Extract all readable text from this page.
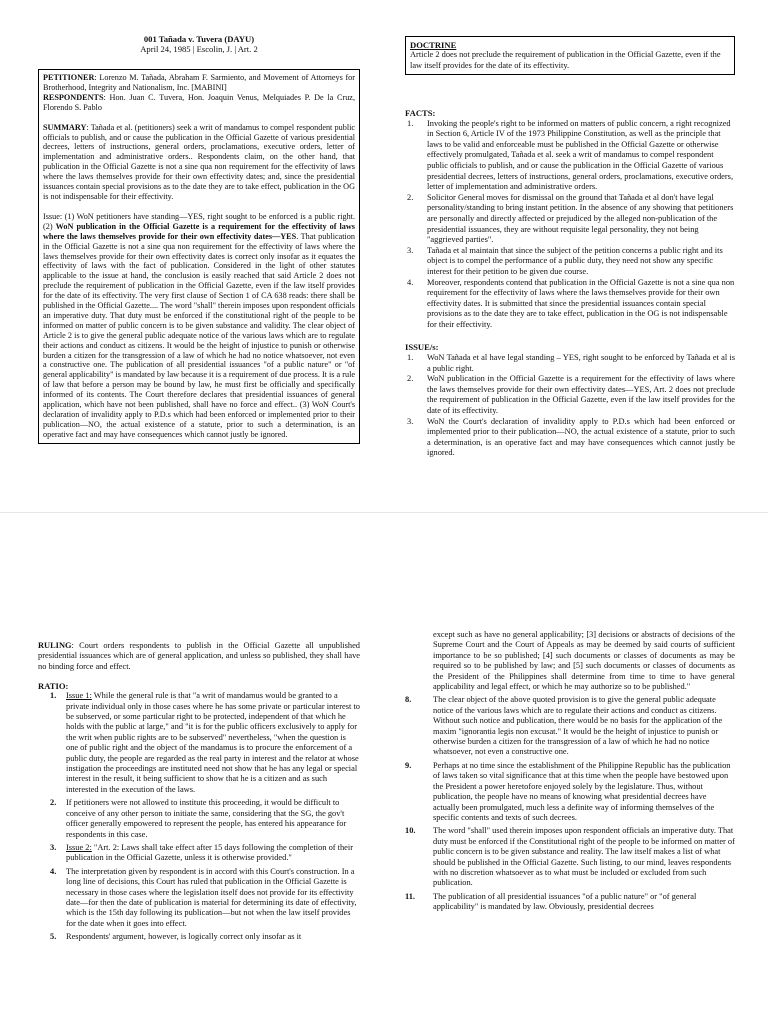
001 Tañada v. Tuvera (DAYU)

April 24, 1985 | Escolin, J. | Art. 2

PETITIONER: Lorenzo M. Tañada, Abraham F. Sarmiento, and Movement of Attorneys for Brotherhood, Integrity and Nationalism, Inc. [MABINI]

RESPONDENTS: Hon. Juan C. Tuvera, Hon. Joaquin Venus, Melquiades P. De la Cruz, Florendo S. Pablo

SUMMARY: Tañada et al. (petitioners) seek a writ of mandamus to compel respondent public officials to publish, and or cause the publication in the Official Gazette of various presidential decrees, letters of instructions, general orders, proclamations, executive orders, letter of implementation and administrative orders.. Respondents claim, on the other hand, that publication in the Official Gazette is not a sine qua non requirement for the effectivity of laws where the laws themselves provide for their own effectivity dates; and, since the presidential issuances contain special provisions as to the date they are to take effect, publication in the OG is not indispensable for their effectivity.

Issue: (1) WoN petitioners have standing—YES, right sought to be enforced is a public right. (2) WoN publication in the Official Gazette is a requirement for the effectivity of laws where the laws themselves provide for their own effectivity dates—YES. That publication in the Official Gazette is not a sine qua non requirement for the effectivity of laws where the laws themselves provide for their own effectivity dates is correct only insofar as it equates the effectivity of laws with the fact of publication. Considered in the light of other statutes applicable to the issue at hand, the conclusion is easily reached that said Article 2 does not preclude the requirement of publication in the Official Gazette, even if the law itself provides for the date of its effectivity. The very first clause of Section 1 of CA 638 reads: there shall be published in the Official Gazette.... The word "shall" therein imposes upon respondent officials an imperative duty. That duty must be enforced if the constitutional right of the people to be informed on matter of public concern is to be given substance and validity. The clear object of Article 2 is to give the general public adequate notice of the various laws which are to regulate their actions and conduct as citizens. It would be the height of injustice to punish or otherwise burden a citizen for the transgression of a law of which he had no notice whatsoever, not even a constructive one. The publication of all presidential issuances "of a public nature" or "of general applicability" is mandated by law because it is a requirement of due process. It is a rule of law that before a person may be bound by law, he must first be officially and specifically informed of its contents. The Court therefore declares that presidential issuances of general application, which have not been published, shall have no force and effect.. (3) WoN Court's declaration of invalidity apply to P.D.s which had been enforced or implemented prior to their publication—NO, the actual existence of a statute, prior to such a determination, is an operative fact and may have consequences which cannot justly be ignored.

DOCTRINE

Article 2 does not preclude the requirement of publication in the Official Gazette, even if the law itself provides for the date of its effectivity.

FACTS:

1. Invoking the people's right to be informed on matters of public concern, a right recognized in Section 6, Article IV of the 1973 Philippine Constitution, as well as the principle that laws to be valid and enforceable must be published in the Official Gazette or otherwise effectively promulgated, Tañada et al. seek a writ of mandamus to compel respondent public officials to publish, and or cause the publication in the Official Gazette of various presidential decrees, letters of instructions, general orders, proclamations, executive orders, letter of implementation and administrative orders.
2. Solicitor General moves for dismissal on the ground that Tañada et al don't have legal personality/standing to bring instant petition. In the absence of any showing that petitioners are personally and directly affected or prejudiced by the alleged non-publication of the presidential issuances, they are without requisite legal personality, they not being "aggrieved parties".
3. Tañada et al maintain that since the subject of the petition concerns a public right and its object is to compel the performance of a public duty, they need not show any specific interest for their petition to be given due course.
4. Moreover, respondents contend that publication in the Official Gazette is not a sine qua non requirement for the effectivity of laws where the laws themselves provide for their own effectivity dates. It is submitted that since the presidential issuances contain special provisions as to the date they are to take effect, publication in the OG is not indispensable for their effectivity.

ISSUE/s:

1. WoN Tañada et al have legal standing – YES, right sought to be enforced by Tañada et al is a public right.
2. WoN publication in the Official Gazette is a requirement for the effectivity of laws where the laws themselves provide for their own effectivity dates—YES, Art. 2 does not preclude the requirement of publication in the Official Gazette, even if the law itself provides for the date of its effectivity.
3. WoN the Court's declaration of invalidity apply to P.D.s which had been enforced or implemented prior to their publication—NO, the actual existence of a statute, prior to such a determination, is an operative fact and may have consequences which cannot justly be ignored.

RULING: Court orders respondents to publish in the Official Gazette all unpublished presidential issuances which are of general application, and unless so published, they shall have no binding force and effect.

RATIO:

1. Issue 1: While the general rule is that "a writ of mandamus would be granted to a private individual only in those cases where he has some private or particular interest to be subserved, or some particular right to be protected, independent of that which he holds with the public at large," and "it is for the public officers exclusively to apply for the writ when public rights are to be subserved" nevertheless, "when the question is one of public right and the object of the mandamus is to procure the enforcement of a public duty, the people are regarded as the real party in interest and the relator at whose instigation the proceedings are instituted need not show that he has any legal or special interest in the result, it being sufficient to show that he is a citizen and as such interested in the execution of the laws.
2. If petitioners were not allowed to institute this proceeding, it would be difficult to conceive of any other person to initiate the same, considering that the SG, the gov't officer generally empowered to represent the people, has entered his appearance for respondents in this case.
3. Issue 2: "Art. 2: Laws shall take effect after 15 days following the completion of their publication in the Official Gazette, unless it is otherwise provided."
4. The interpretation given by respondent is in accord with this Court's construction. In a long line of decisions, this Court has ruled that publication in the Official Gazette is necessary in those cases where the legislation itself does not provide for its effectivity date—for then the date of publication is material for determining its date of effectivity, which is the 15th day following its publication—but not when the law itself provides for the date when it goes into effect.
5. Respondents' argument, however, is logically correct only insofar as it

except such as have no general applicability; [3] decisions or abstracts of decisions of the Supreme Court and the Court of Appeals as may be deemed by said courts of sufficient importance to be so published; [4] such documents or classes of documents as may be required so to be published by law; and [5] such documents or classes of documents as the President of the Philippines shall determine from time to time to have general applicability and legal effect, or which he may authorize so to be published."

8.	The clear object of the above quoted provision is to give the general public adequate notice of the various laws which are to regulate their actions and conduct as citizens. Without such notice and publication, there would be no basis for the application of the maxim "ignorantia legis non excusat." It would be the height of injustice to punish or otherwise burden a citizen for the transgression of a law of which he had no notice whatsoever, not even a constructive one.
9.	Perhaps at no time since the establishment of the Philippine Republic has the publication of laws taken so vital significance that at this time when the people have bestowed upon the President a power heretofore enjoyed solely by the legislature. Thus, without publication, the people have no means of knowing what presidential decrees have actually been promulgated, much less a definite way of informing themselves of the specific contents and texts of such decrees.
10. The word "shall" used therein imposes upon respondent officials an imperative duty. That duty must be enforced if the Constitutional right of the people to be informed on matter of public concern is to be given substance and reality. The law itself makes a list of what should be published in the Official Gazette. Such listing, to our mind, leaves respondents with no discretion whatsoever as to what must be included or excluded from such publication.
11. The publication of all presidential issuances "of a public nature" or "of general applicability" is mandated by law. Obviously, presidential decrees
